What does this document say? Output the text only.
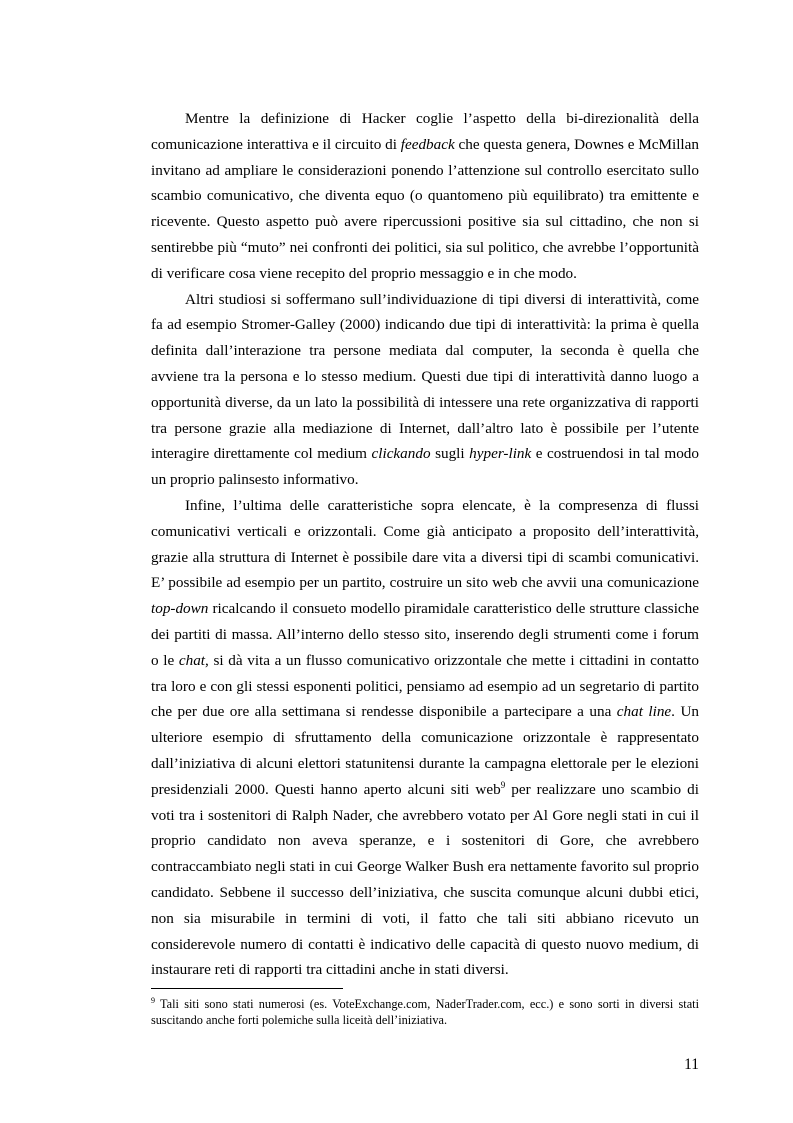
Mentre la definizione di Hacker coglie l’aspetto della bi-direzionalità della comunicazione interattiva e il circuito di feedback che questa genera, Downes e McMillan invitano ad ampliare le considerazioni ponendo l’attenzione sul controllo esercitato sullo scambio comunicativo, che diventa equo (o quantomeno più equilibrato) tra emittente e ricevente. Questo aspetto può avere ripercussioni positive sia sul cittadino, che non si sentirebbe più “muto” nei confronti dei politici, sia sul politico, che avrebbe l’opportunità di verificare cosa viene recepito del proprio messaggio e in che modo.

Altri studiosi si soffermano sull’individuazione di tipi diversi di interattività, come fa ad esempio Stromer-Galley (2000) indicando due tipi di interattività: la prima è quella definita dall’interazione tra persone mediata dal computer, la seconda è quella che avviene tra la persona e lo stesso medium. Questi due tipi di interattività danno luogo a opportunità diverse, da un lato la possibilità di intessere una rete organizzativa di rapporti tra persone grazie alla mediazione di Internet, dall’altro lato è possibile per l’utente interagire direttamente col medium clickando sugli hyper-link e costruendosi in tal modo un proprio palinsesto informativo.

Infine, l’ultima delle caratteristiche sopra elencate, è la compresenza di flussi comunicativi verticali e orizzontali. Come già anticipato a proposito dell’interattività, grazie alla struttura di Internet è possibile dare vita a diversi tipi di scambi comunicativi. E’ possibile ad esempio per un partito, costruire un sito web che avvii una comunicazione top-down ricalcando il consueto modello piramidale caratteristico delle strutture classiche dei partiti di massa. All’interno dello stesso sito, inserendo degli strumenti come i forum o le chat, si dà vita a un flusso comunicativo orizzontale che mette i cittadini in contatto tra loro e con gli stessi esponenti politici, pensiamo ad esempio ad un segretario di partito che per due ore alla settimana si rendesse disponibile a partecipare a una chat line. Un ulteriore esempio di sfruttamento della comunicazione orizzontale è rappresentato dall’iniziativa di alcuni elettori statunitensi durante la campagna elettorale per le elezioni presidenziali 2000. Questi hanno aperto alcuni siti web$^9$ per realizzare uno scambio di voti tra i sostenitori di Ralph Nader, che avrebbero votato per Al Gore negli stati in cui il proprio candidato non aveva speranze, e i sostenitori di Gore, che avrebbero contraccambiato negli stati in cui George Walker Bush era nettamente favorito sul proprio candidato. Sebbene il successo dell’iniziativa, che suscita comunque alcuni dubbi etici, non sia misurabile in termini di voti, il fatto che tali siti abbiano ricevuto un considerevole numero di contatti è indicativo delle capacità di questo nuovo medium, di instaurare reti di rapporti tra cittadini anche in stati diversi.

$^9$ Tali siti sono stati numerosi (es. VoteExchange.com, NaderTrader.com, ecc.) e sono sorti in diversi stati suscitando anche forti polemiche sulla liceità dell’iniziativa.

11
